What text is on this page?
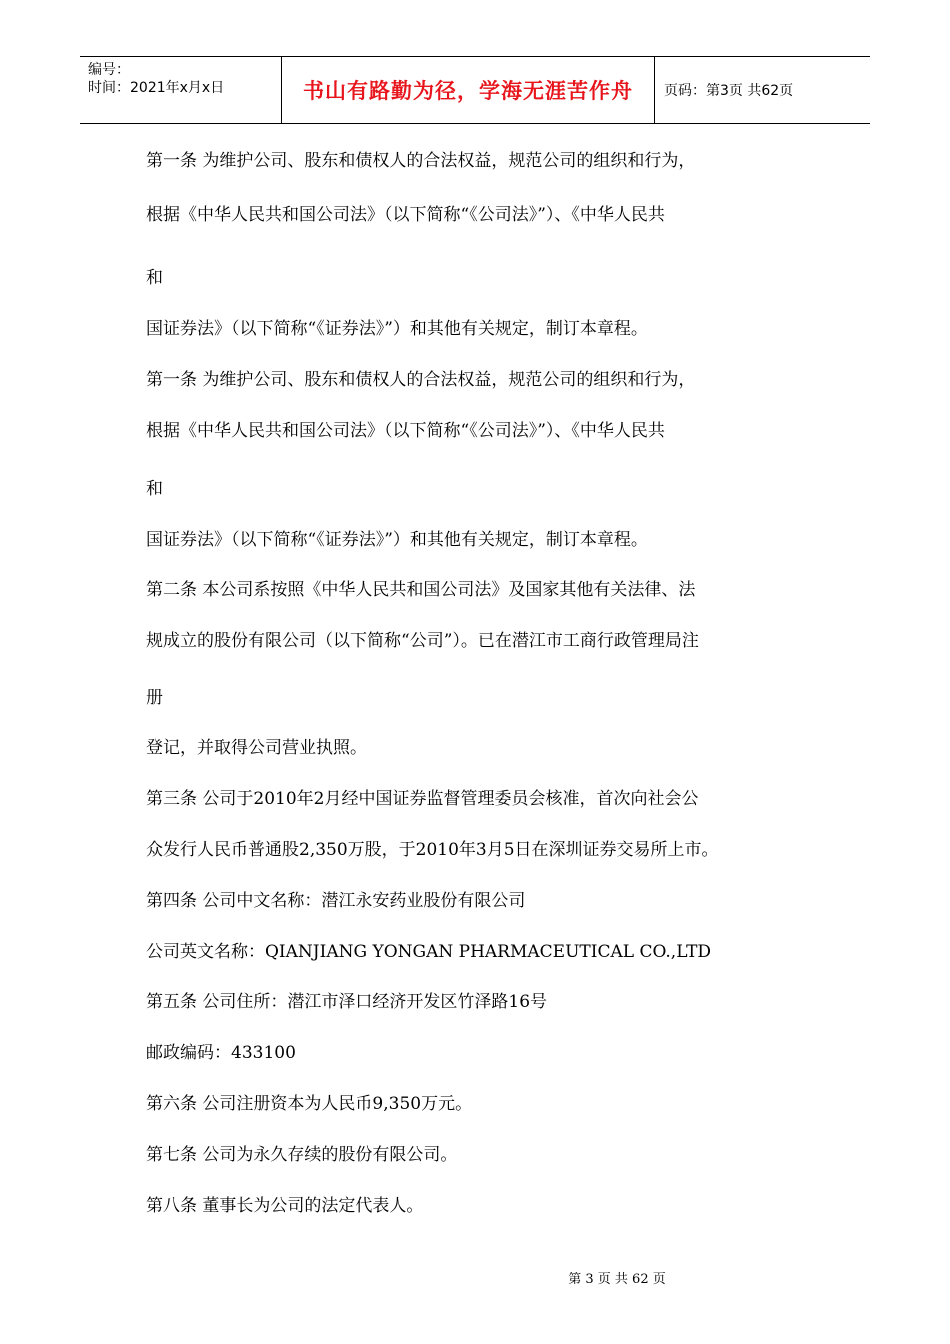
编号：
时间：2021年x月x日	书山有路勤为径，学海无涯苦作舟	页码：第3页 共62页

第一条 为维护公司、股东和债权人的合法权益，规范公司的组织和行为，

根据《中华人民共和国公司法》（以下简称“《公司法》”）、《中华人民共

和

国证券法》（以下简称“《证券法》”）和其他有关规定，制订本章程。

第一条 为维护公司、股东和债权人的合法权益，规范公司的组织和行为，

根据《中华人民共和国公司法》（以下简称“《公司法》”）、《中华人民共

和

国证券法》（以下简称“《证券法》”）和其他有关规定，制订本章程。

第二条 本公司系按照《中华人民共和国公司法》及国家其他有关法律、法

规成立的股份有限公司（以下简称“公司”）。已在潜江市工商行政管理局注

册

登记，并取得公司营业执照。

第三条 公司于2010年2月经中国证券监督管理委员会核准，首次向社会公

众发行人民币普通股2,350万股，于2010年3月5日在深圳证券交易所上市。

第四条 公司中文名称：潜江永安药业股份有限公司

公司英文名称：QIANJIANG YONGAN PHARMACEUTICAL CO.,LTD

第五条 公司住所：潜江市泽口经济开发区竹泽路16号

邮政编码：433100

第六条 公司注册资本为人民币9,350万元。

第七条 公司为永久存续的股份有限公司。

第八条 董事长为公司的法定代表人。

第 3 页 共 62 页
